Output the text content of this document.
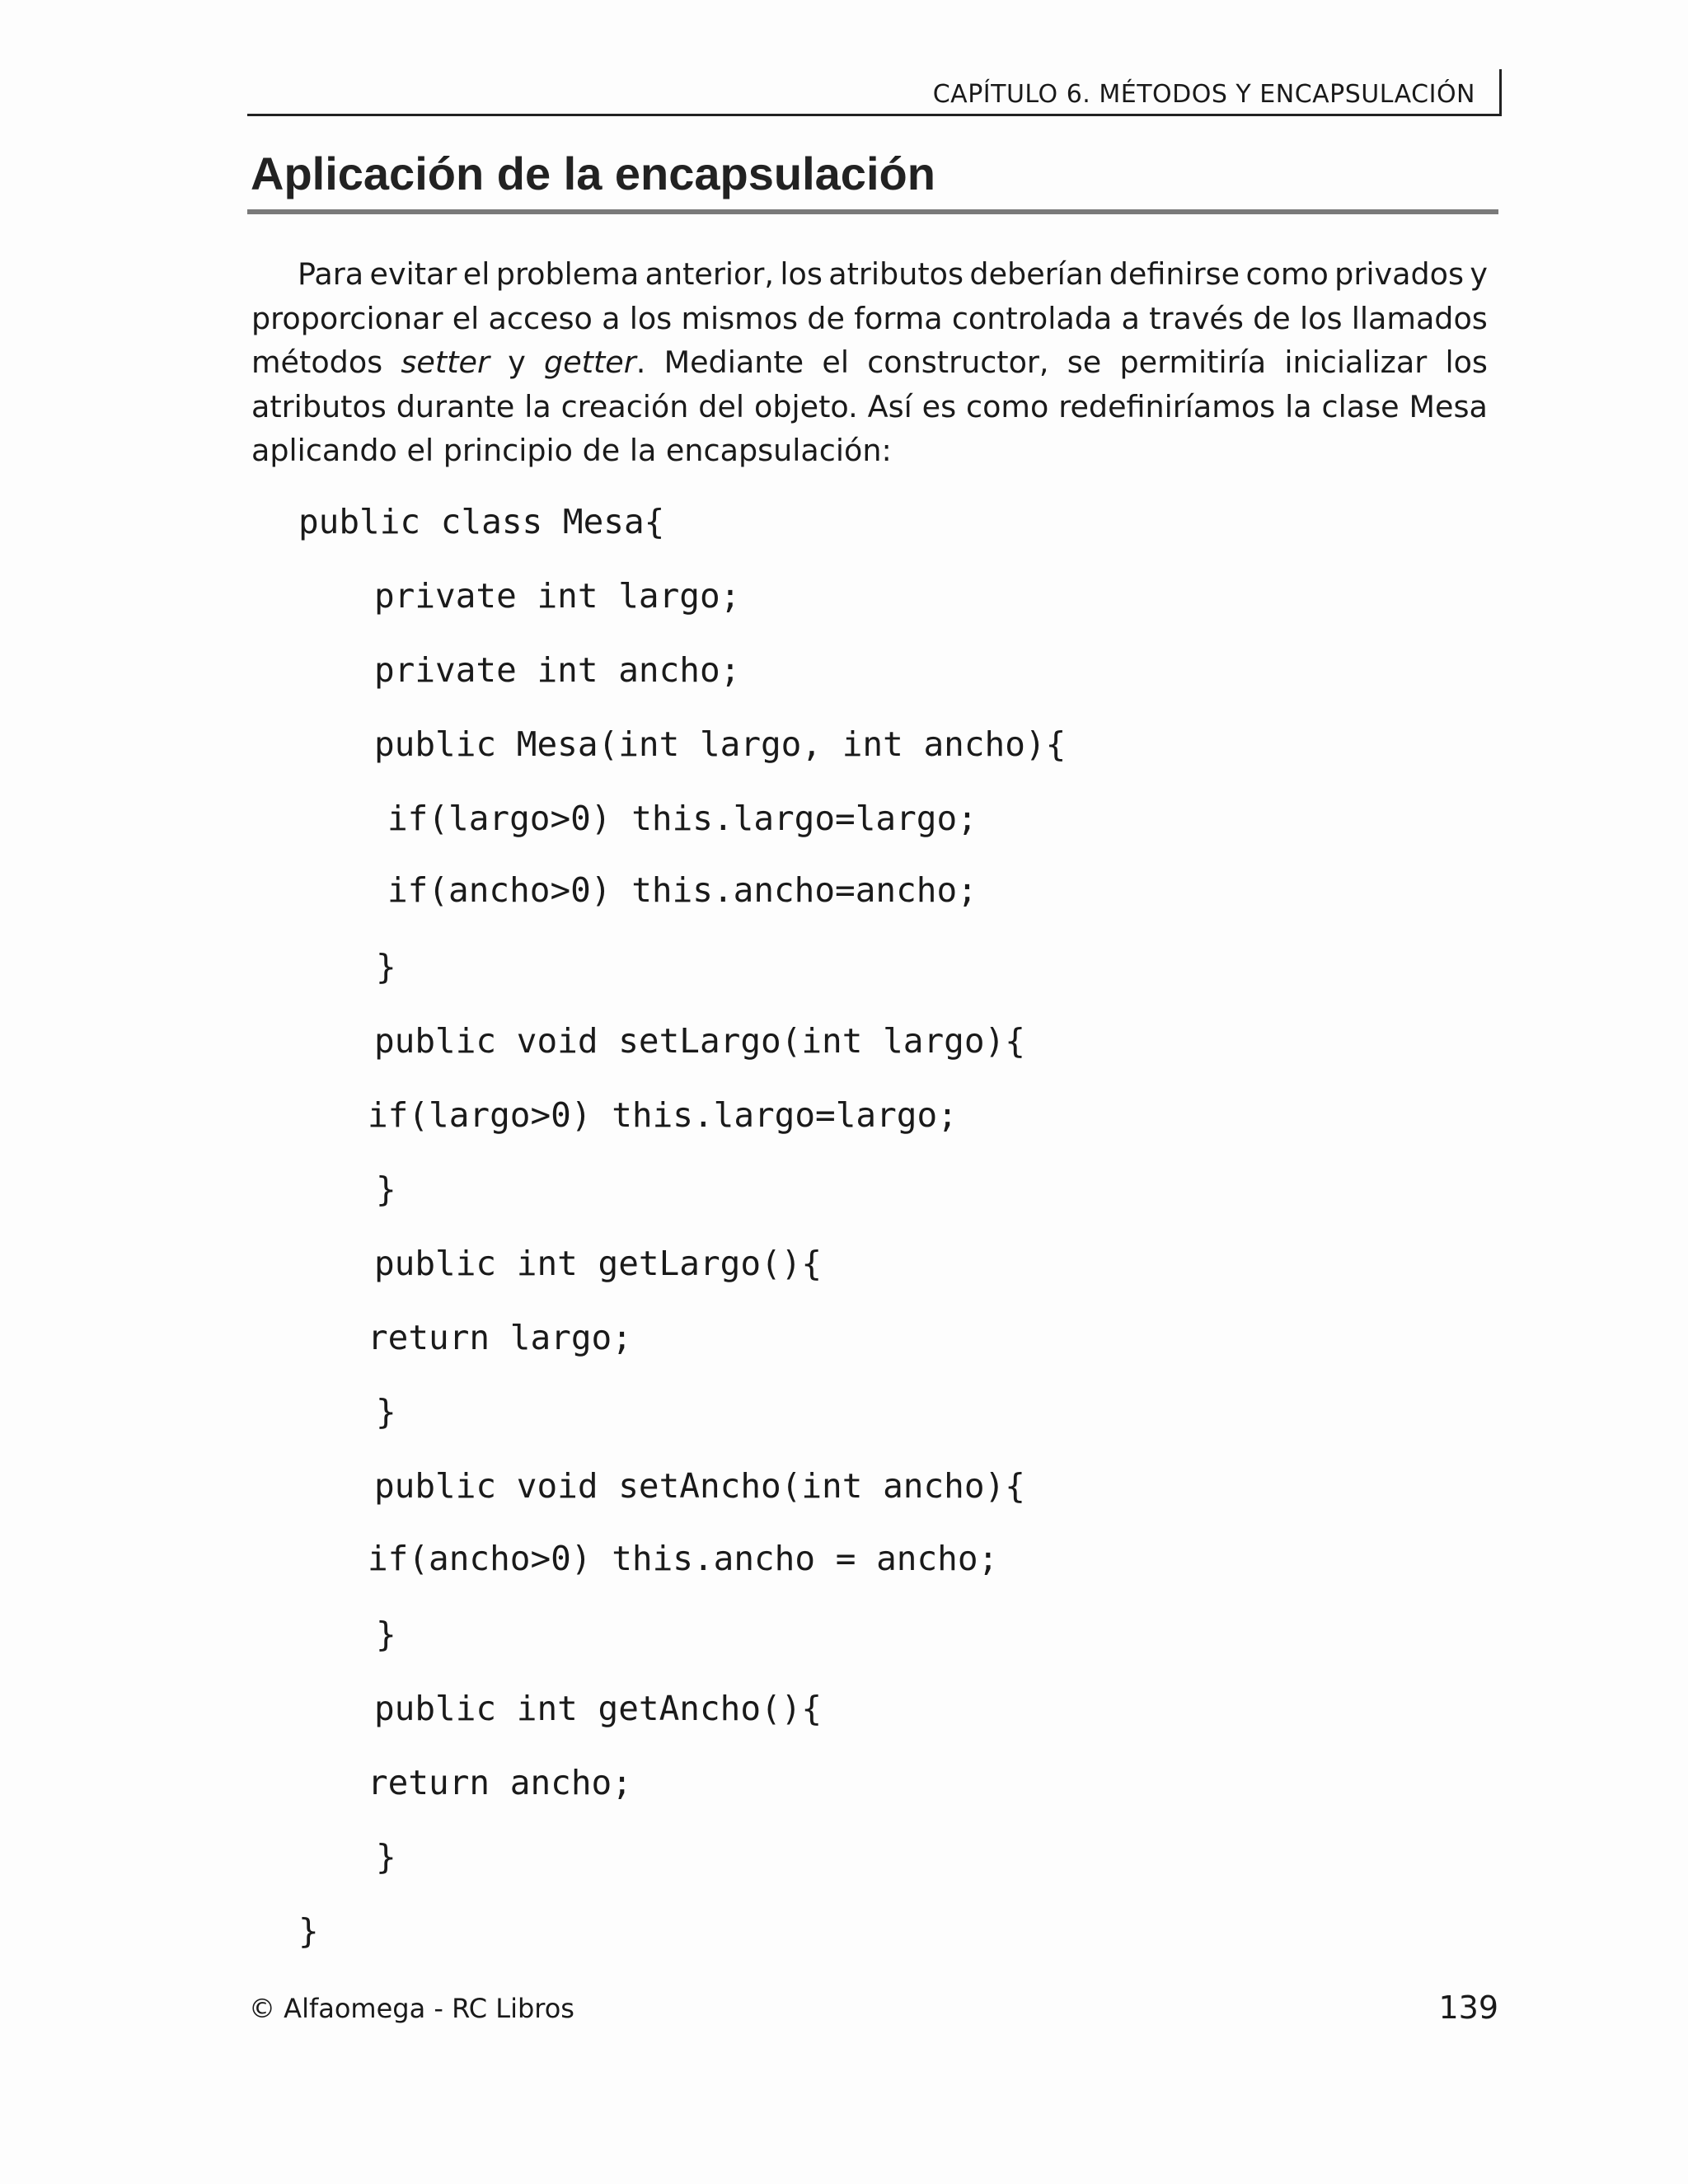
CAPÍTULO 6. MÉTODOS Y ENCAPSULACIÓN
Aplicación de la encapsulación
Para evitar el problema anterior, los atributos deberían definirse como privados y
proporcionar el acceso a los mismos de forma controlada a través de los llamados
métodos setter y getter. Mediante el constructor, se permitiría inicializar los
atributos durante la creación del objeto. Así es como redefiniríamos la clase Mesa
aplicando el principio de la encapsulación:
public class Mesa{
private int largo;
private int ancho;
public Mesa(int largo, int ancho){
if(largo>0) this.largo=largo;
if(ancho>0) this.ancho=ancho;
}
public void setLargo(int largo){
if(largo>0) this.largo=largo;
}
public int getLargo(){
return largo;
}
public void setAncho(int ancho){
if(ancho>0) this.ancho = ancho;
}
public int getAncho(){
return ancho;
}
}
© Alfaomega - RC Libros	139
